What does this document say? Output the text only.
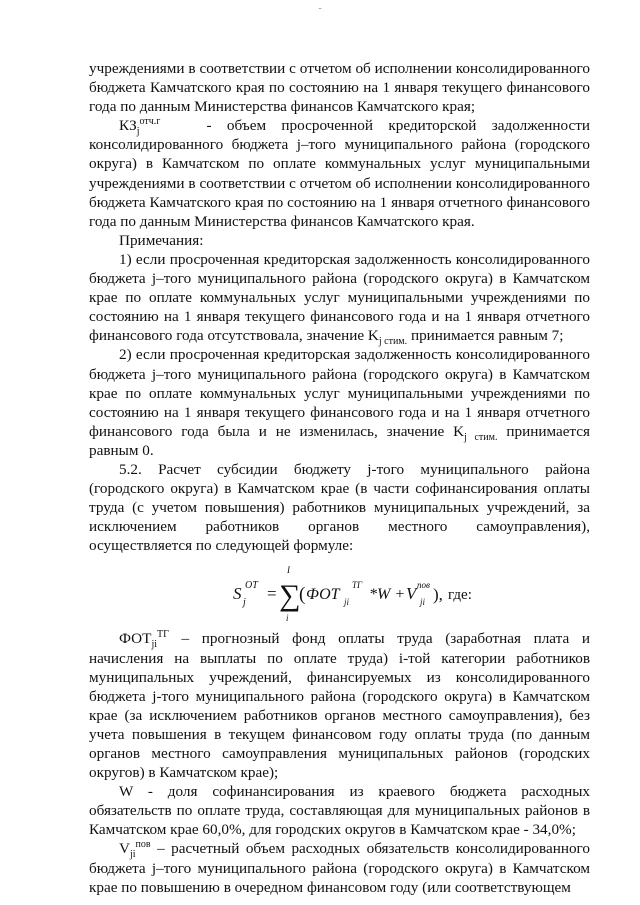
-

учреждениями в соответствии с отчетом об исполнении консолидированного бюджета Камчатского края по состоянию на 1 января текущего финансового года по данным Министерства финансов Камчатского края;

$КЗ_j^{отч.г}$	- объем просроченной кредиторской задолженности консолидированного бюджета j–того муниципального района (городского округа) в Камчатском по оплате коммунальных услуг муниципальными учреждениями в соответствии с отчетом об исполнении консолидированного бюджета Камчатского края по состоянию на 1 января отчетного финансового года по данным Министерства финансов Камчатского края.

Примечания:

1) если просроченная кредиторская задолженность консолидированного бюджета j–того муниципального района (городского округа) в Камчатском крае по оплате коммунальных услуг муниципальными учреждениями по состоянию на 1 января текущего финансового года и на 1 января отчетного финансового года отсутствовала, значение $K_{j стим.}$ принимается равным 7;

2) если просроченная кредиторская задолженность консолидированного бюджета j–того муниципального района (городского округа) в Камчатском крае по оплате коммунальных услуг муниципальными учреждениями по состоянию на 1 января текущего финансового года и на 1 января отчетного финансового года была и не изменилась, значение $K_{j стим.}$ принимается равным 0.

5.2. Расчет субсидии бюджету j-того муниципального района (городского округа) в Камчатском крае (в части софинансирования оплаты труда (с учетом повышения) работников муниципальных учреждений, за исключением работников органов местного самоуправления), осуществляется по следующей формуле:

S j
OT =
I
∑
i
( ФОТ ji
ТГ
*W + V ji
пов ), где:

$ФОТ_{ji}^{ТГ}$ – прогнозный фонд оплаты труда (заработная плата и начисления на выплаты по оплате труда) i-той категории работников муниципальных учреждений, финансируемых из консолидированного бюджета j-того муниципального района (городского округа) в Камчатском крае (за исключением работников органов местного самоуправления), без учета повышения в текущем финансовом году оплаты труда (по данным органов местного самоуправления муниципальных районов (городских округов) в Камчатском крае);

W - доля софинансирования из краевого бюджета расходных обязательств по оплате труда, составляющая для муниципальных районов в Камчатском крае 60,0%, для городских округов в Камчатском крае - 34,0%;

$V_{ji}^{пов}$ – расчетный объем расходных обязательств консолидированного бюджета j–того муниципального района (городского округа) в Камчатском крае по повышению в очередном финансовом году (или соответствующем
